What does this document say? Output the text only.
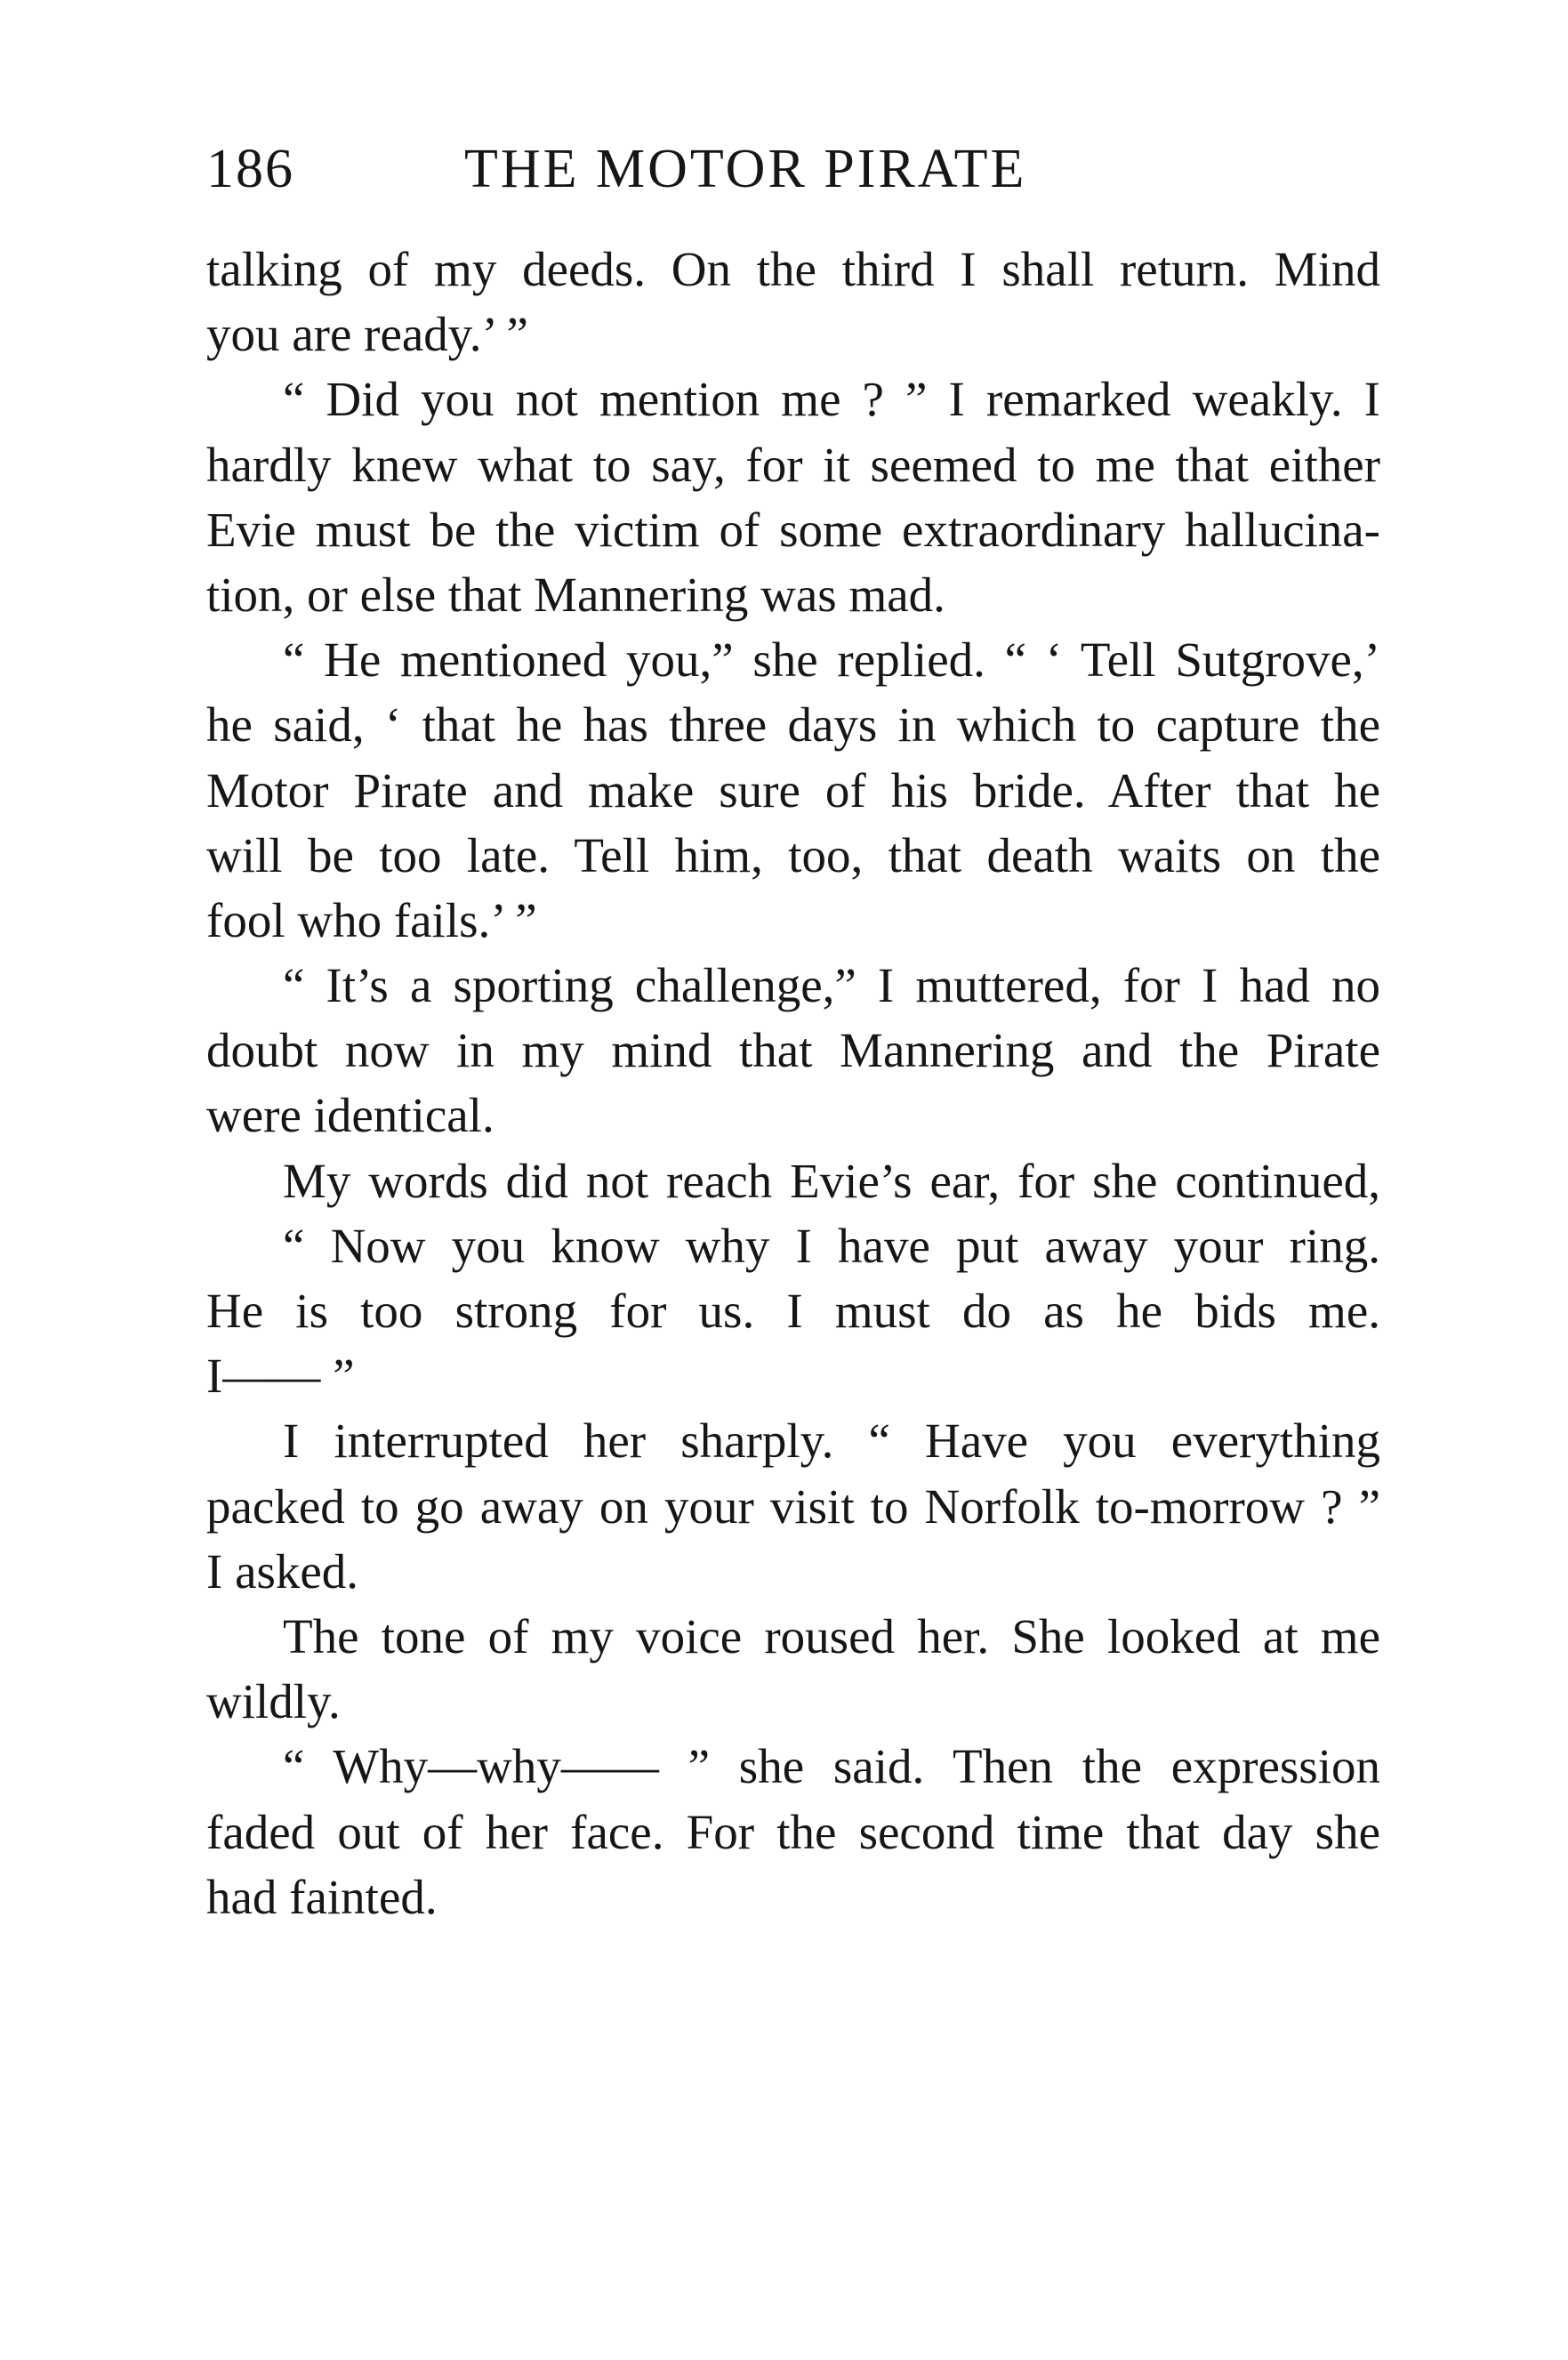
186	THE MOTOR PIRATE
talking of my deeds. On the third I shall return. Mind
you are ready.’ ”
“ Did you not mention me ? ” I remarked weakly. I
hardly knew what to say, for it seemed to me that either
Evie must be the victim of some extraordinary hallucina-
tion, or else that Mannering was mad.
“ He mentioned you,” she replied. “ ‘ Tell Sutgrove,’
he said, ‘ that he has three days in which to capture the
Motor Pirate and make sure of his bride. After that he
will be too late. Tell him, too, that death waits on the
fool who fails.’ ”
“ It’s a sporting challenge,” I muttered, for I had no
doubt now in my mind that Mannering and the Pirate
were identical.
My words did not reach Evie’s ear, for she continued,
“ Now you know why I have put away your ring.
He is too strong for us. I must do as he bids me.
I—— ”
I interrupted her sharply. “ Have you everything
packed to go away on your visit to Norfolk to-morrow ? ”
I asked.
The tone of my voice roused her. She looked at me
wildly.
“ Why—why—— ” she said. Then the expression
faded out of her face. For the second time that day she
had fainted.
